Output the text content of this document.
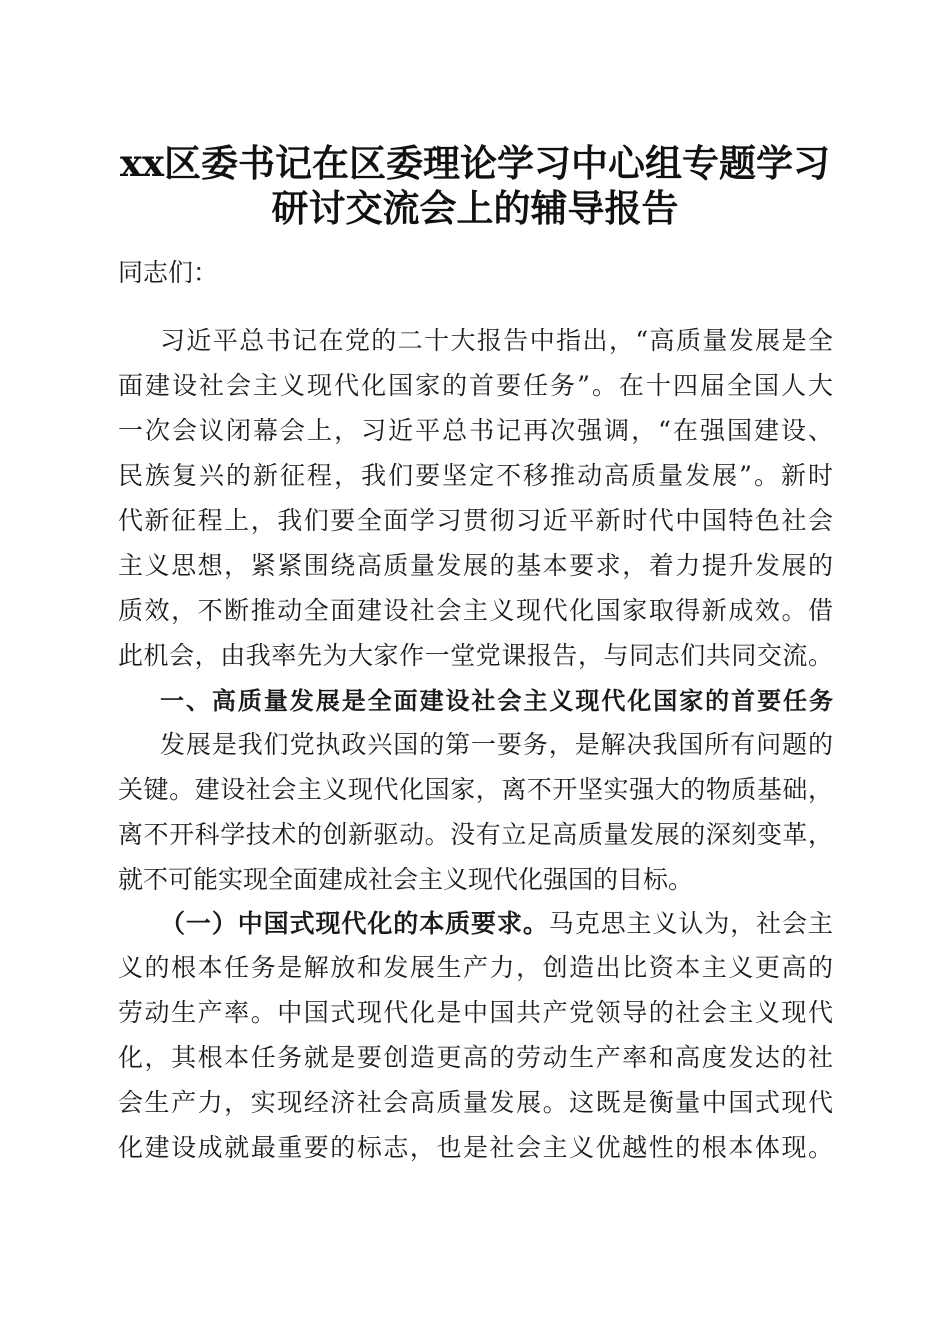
xx区委书记在区委理论学习中心组专题学习
研讨交流会上的辅导报告
同志们：
习近平总书记在党的二十大报告中指出，“高质量发展是全
面建设社会主义现代化国家的首要任务”。在十四届全国人大
一次会议闭幕会上，习近平总书记再次强调，“在强国建设、
民族复兴的新征程，我们要坚定不移推动高质量发展”。新时
代新征程上，我们要全面学习贯彻习近平新时代中国特色社会
主义思想，紧紧围绕高质量发展的基本要求，着力提升发展的
质效，不断推动全面建设社会主义现代化国家取得新成效。借
此机会，由我率先为大家作一堂党课报告，与同志们共同交流。
一、高质量发展是全面建设社会主义现代化国家的首要任务
发展是我们党执政兴国的第一要务，是解决我国所有问题的
关键。建设社会主义现代化国家，离不开坚实强大的物质基础，
离不开科学技术的创新驱动。没有立足高质量发展的深刻变革，
就不可能实现全面建成社会主义现代化强国的目标。
（一）中国式现代化的本质要求。马克思主义认为，社会主
义的根本任务是解放和发展生产力，创造出比资本主义更高的
劳动生产率。中国式现代化是中国共产党领导的社会主义现代
化，其根本任务就是要创造更高的劳动生产率和高度发达的社
会生产力，实现经济社会高质量发展。这既是衡量中国式现代
化建设成就最重要的标志，也是社会主义优越性的根本体现。
